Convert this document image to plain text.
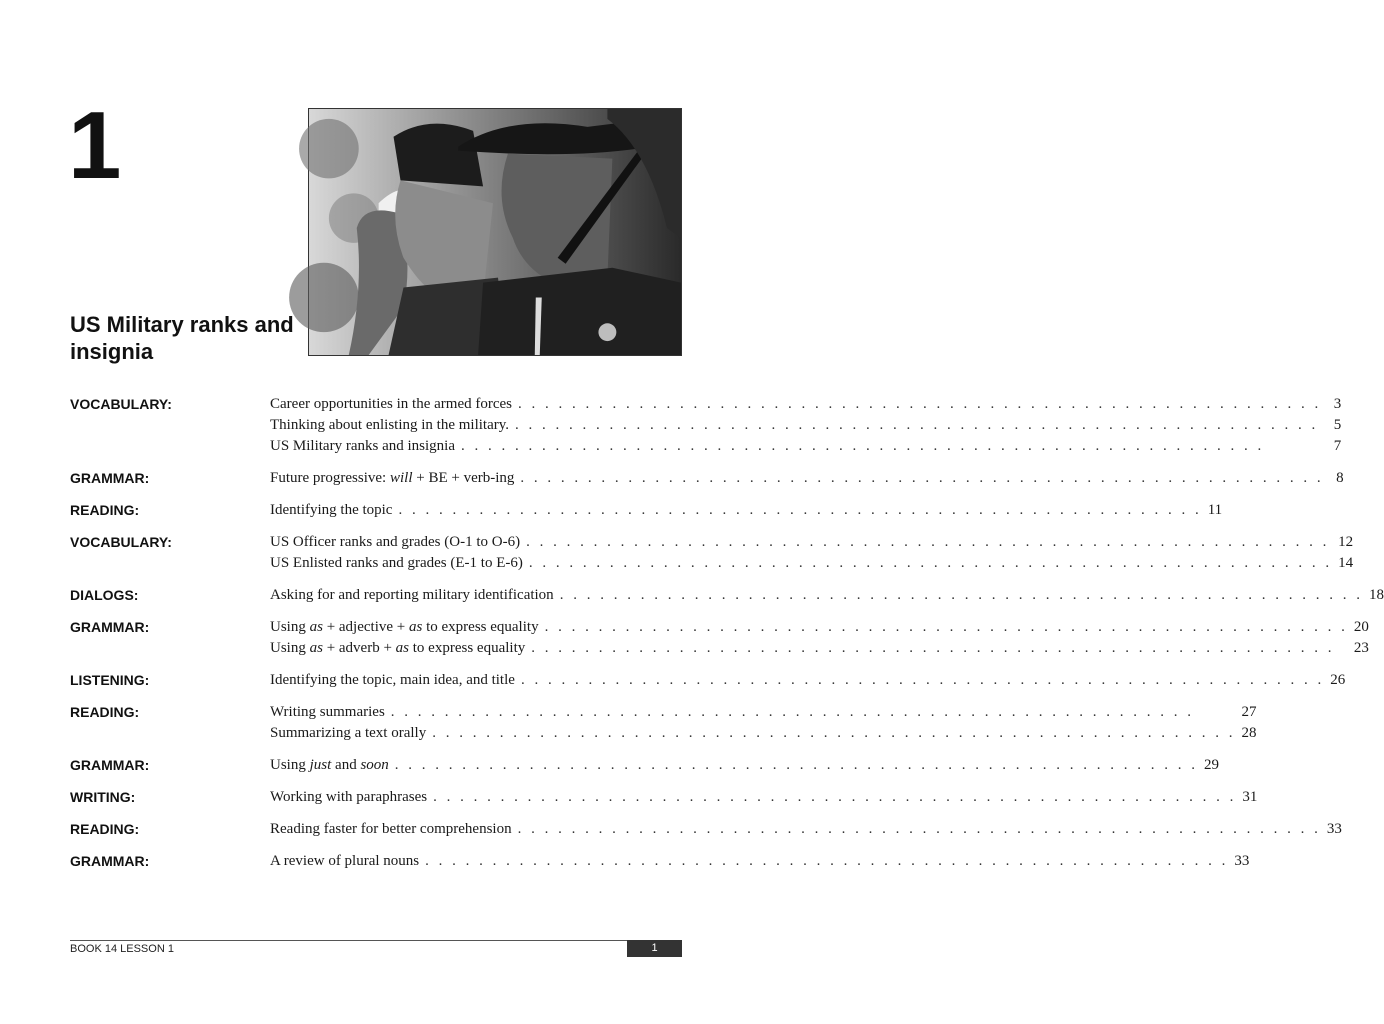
1
US Military ranks and insignia
VOCABULARY:	Career opportunities in the armed forces . . . . . . . . . . . . . . . . . . . . . . . . . . . . . . . . . . . . . . . . . . . . . . . . . . . . . . . . . . . . 3
Thinking about enlisting in the military. . . . . . . . . . . . . . . . . . . . . . . . . . . . . . . . . . . . . . . . . . . . . . . . . . . . . . . . . . . . .	5
US Military ranks and insignia . . . . . . . . . . . . . . . . . . . . . . . . . . . . . . . . . . . . . . . . . . . . . . . . . . . . . . . . . . . .	7
GRAMMAR:	Future progressive: will + BE + verb-ing . . . . . . . . . . . . . . . . . . . . . . . . . . . . . . . . . . . . . . . . . . . . . . . . . . . . . . . . . . . . 8
READING:	Identifying the topic . . . . . . . . . . . . . . . . . . . . . . . . . . . . . . . . . . . . . . . . . . . . . . . . . . . . . . . . . . . . 11
VOCABULARY:	US Officer ranks and grades (O-1 to O-6) . . . . . . . . . . . . . . . . . . . . . . . . . . . . . . . . . . . . . . . . . . . . . . . . . . . . . . . . . . . . 12
US Enlisted ranks and grades (E-1 to E-6) . . . . . . . . . . . . . . . . . . . . . . . . . . . . . . . . . . . . . . . . . . . . . . . . . . . . . . . . . . . . 14
DIALOGS:	Asking for and reporting military identification . . . . . . . . . . . . . . . . . . . . . . . . . . . . . . . . . . . . . . . . . . . . . . . . . . . . . . . . . . . . 18
GRAMMAR:	Using as + adjective + as to express equality . . . . . . . . . . . . . . . . . . . . . . . . . . . . . . . . . . . . . . . . . . . . . . . . . . . . . . . . . . . . 20
Using as + adverb + as to express equality . . . . . . . . . . . . . . . . . . . . . . . . . . . . . . . . . . . . . . . . . . . . . . . . . . . . . . . . . . . .	23
LISTENING:	Identifying the topic, main idea, and title . . . . . . . . . . . . . . . . . . . . . . . . . . . . . . . . . . . . . . . . . . . . . . . . . . . . . . . . . . . . 26
READING:	Writing summaries . . . . . . . . . . . . . . . . . . . . . . . . . . . . . . . . . . . . . . . . . . . . . . . . . . . . . . . . . . . .	27
Summarizing a text orally . . . . . . . . . . . . . . . . . . . . . . . . . . . . . . . . . . . . . . . . . . . . . . . . . . . . . . . . . . . . 28
GRAMMAR:	Using just and soon . . . . . . . . . . . . . . . . . . . . . . . . . . . . . . . . . . . . . . . . . . . . . . . . . . . . . . . . . . . . 29
WRITING:	Working with paraphrases . . . . . . . . . . . . . . . . . . . . . . . . . . . . . . . . . . . . . . . . . . . . . . . . . . . . . . . . . . . . 31
READING:	Reading faster for better comprehension . . . . . . . . . . . . . . . . . . . . . . . . . . . . . . . . . . . . . . . . . . . . . . . . . . . . . . . . . . . . 33
GRAMMAR:	A review of plural nouns . . . . . . . . . . . . . . . . . . . . . . . . . . . . . . . . . . . . . . . . . . . . . . . . . . . . . . . . . . . . 33
BOOK 14 LESSON 1	1
